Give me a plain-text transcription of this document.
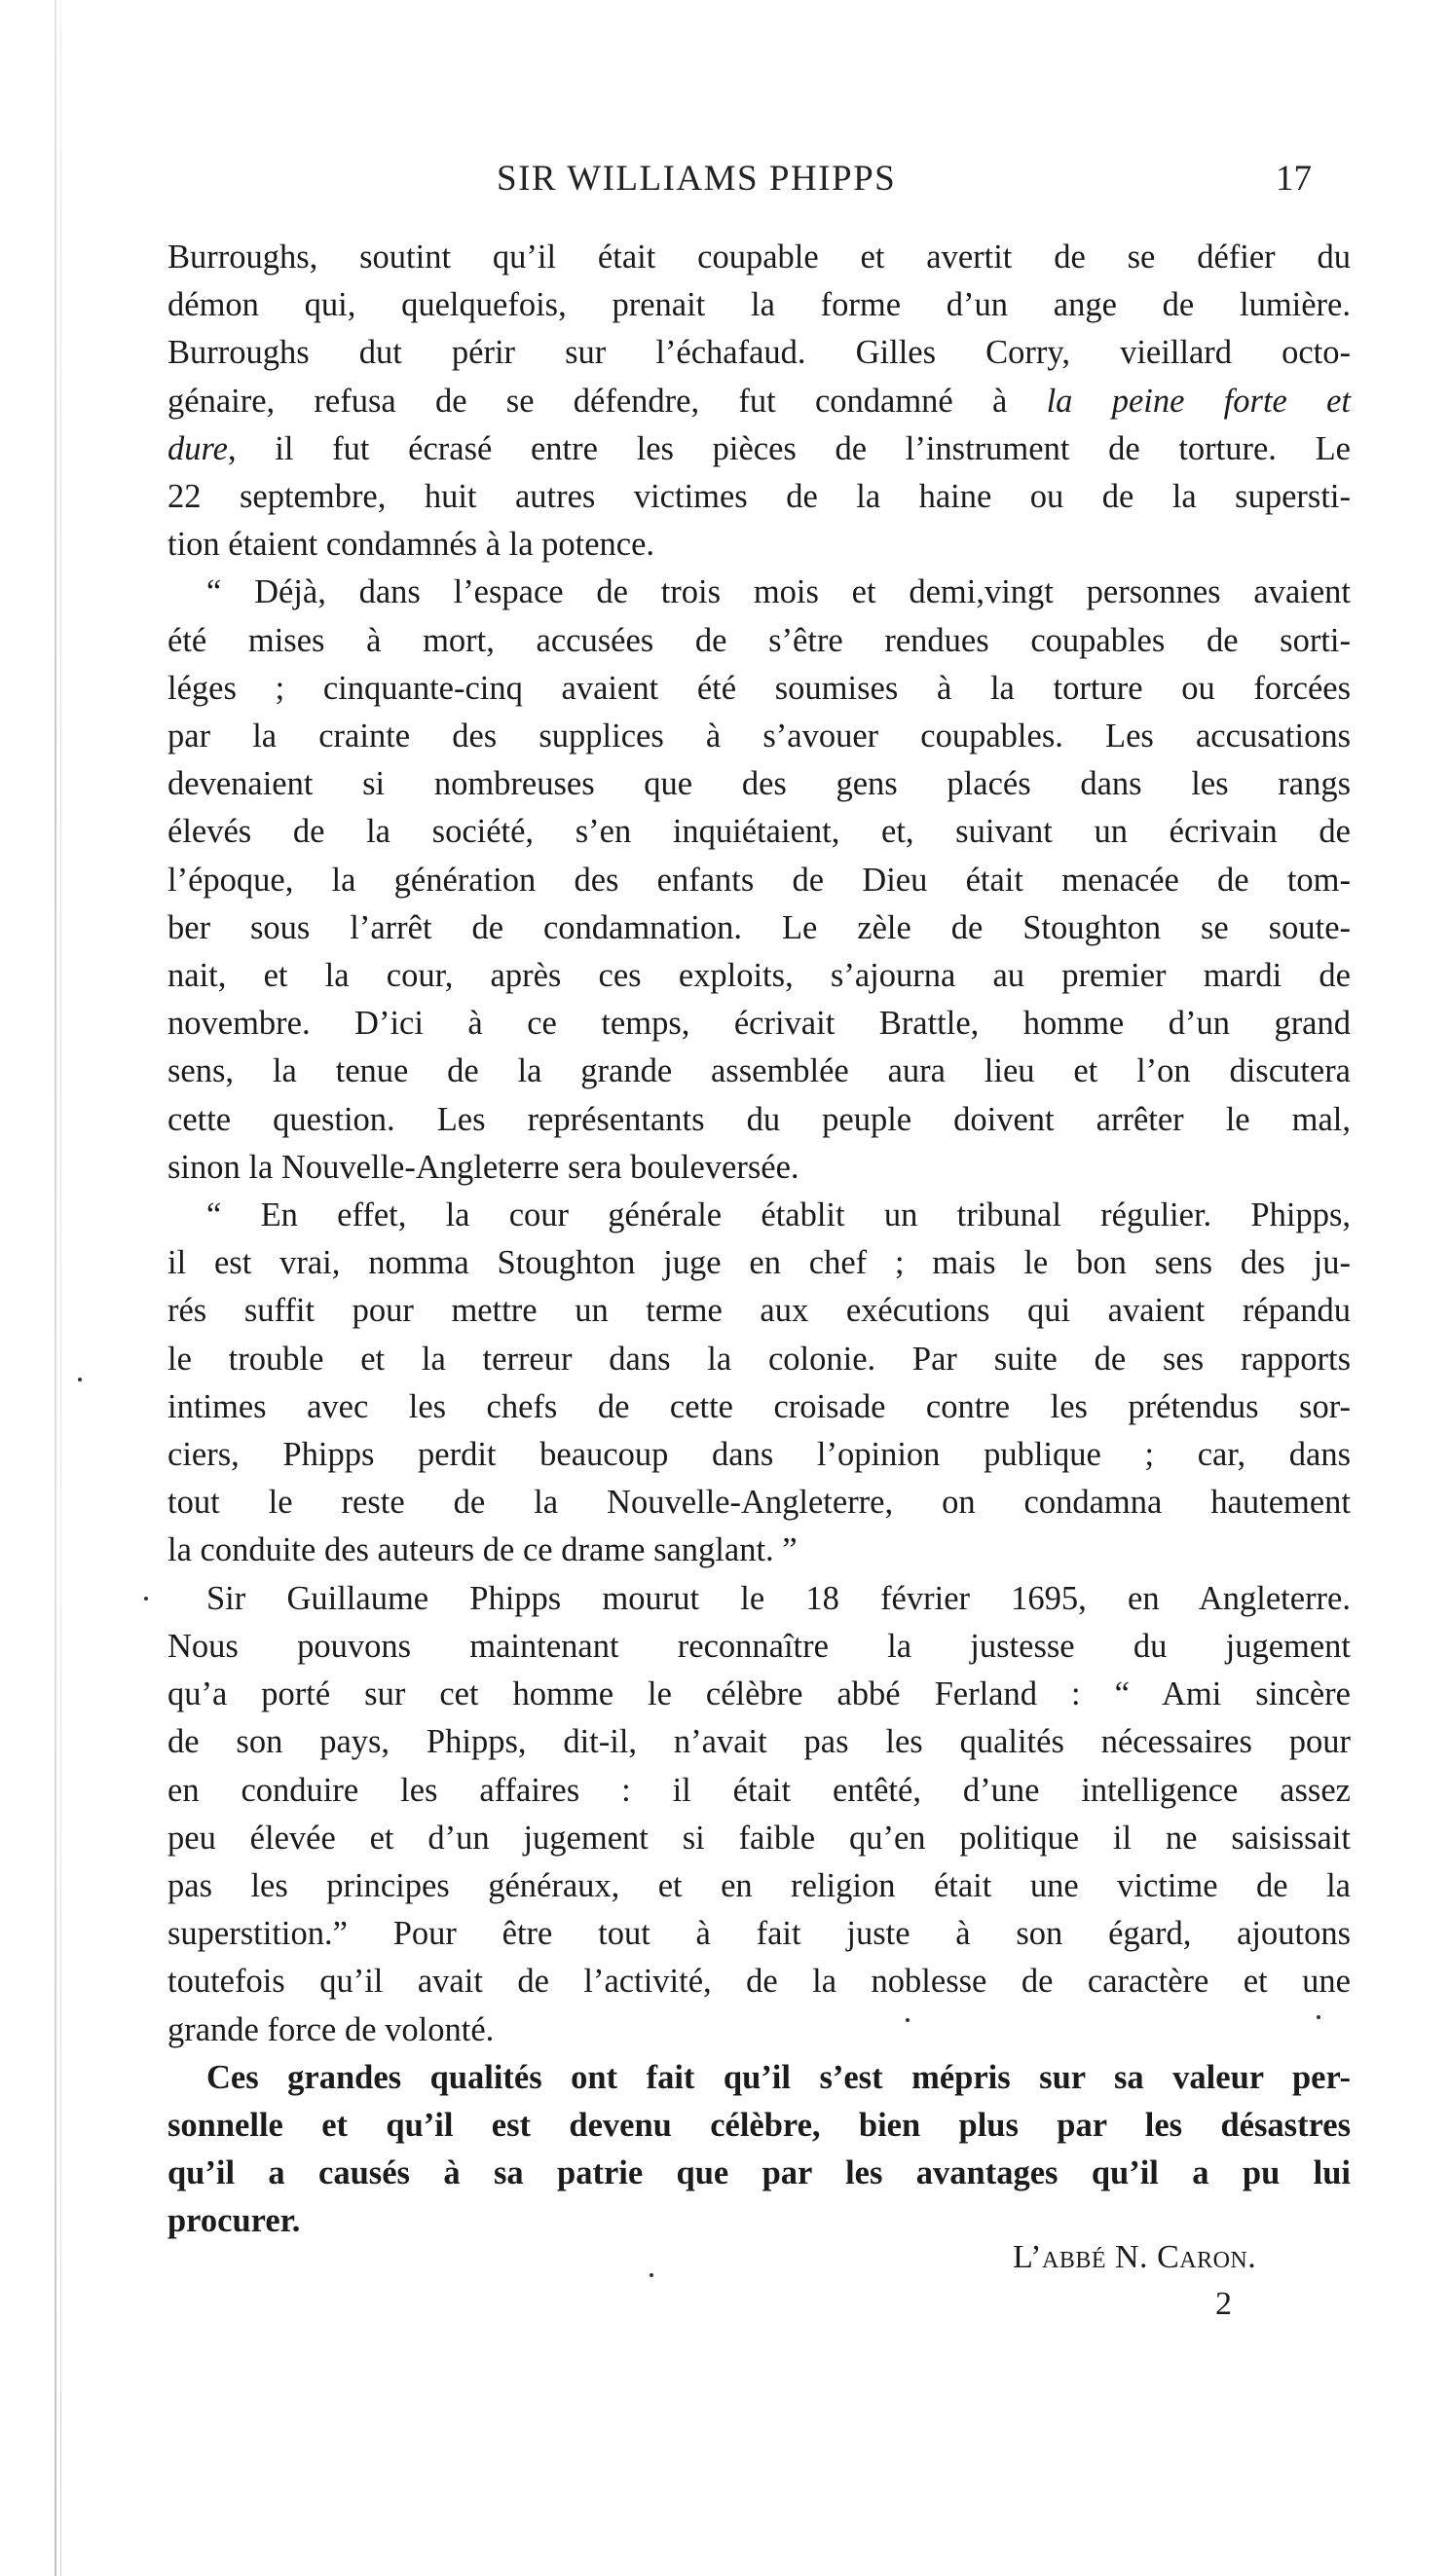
SIR WILLIAMS PHIPPS	17

Burroughs, soutint qu’il était coupable et avertit de se défier du
démon qui, quelquefois, prenait la forme d’un ange de lumière.
Burroughs dut périr sur l’échafaud. Gilles Corry, vieillard octo-
génaire, refusa de se défendre, fut condamné à la peine forte et
dure, il fut écrasé entre les pièces de l’instrument de torture. Le
22 septembre, huit autres victimes de la haine ou de la supersti-
tion étaient condamnés à la potence.

“ Déjà, dans l’espace de trois mois et demi,vingt personnes avaient
été mises à mort, accusées de s’être rendues coupables de sorti-
léges ; cinquante-cinq avaient été soumises à la torture ou forcées
par la crainte des supplices à s’avouer coupables. Les accusations
devenaient si nombreuses que des gens placés dans les rangs
élevés de la société, s’en inquiétaient, et, suivant un écrivain de
l’époque, la génération des enfants de Dieu était menacée de tom-
ber sous l’arrêt de condamnation. Le zèle de Stoughton se soute-
nait, et la cour, après ces exploits, s’ajourna au premier mardi de
novembre. D’ici à ce temps, écrivait Brattle, homme d’un grand
sens, la tenue de la grande assemblée aura lieu et l’on discutera
cette question. Les représentants du peuple doivent arrêter le mal,
sinon la Nouvelle-Angleterre sera bouleversée.

“ En effet, la cour générale établit un tribunal régulier. Phipps,
il est vrai, nomma Stoughton juge en chef ; mais le bon sens des ju-
rés suffit pour mettre un terme aux exécutions qui avaient répandu
le trouble et la terreur dans la colonie. Par suite de ses rapports
intimes avec les chefs de cette croisade contre les prétendus sor-
ciers, Phipps perdit beaucoup dans l’opinion publique ; car, dans
tout le reste de la Nouvelle-Angleterre, on condamna hautement
la conduite des auteurs de ce drame sanglant. ”

Sir Guillaume Phipps mourut le 18 février 1695, en Angleterre.
Nous pouvons maintenant reconnaître la justesse du jugement
qu’a porté sur cet homme le célèbre abbé Ferland : “ Ami sincère
de son pays, Phipps, dit-il, n’avait pas les qualités nécessaires pour
en conduire les affaires : il était entêté, d’une intelligence assez
peu élevée et d’un jugement si faible qu’en politique il ne saisissait
pas les principes généraux, et en religion était une victime de la
superstition.” Pour être tout à fait juste à son égard, ajoutons
toutefois qu’il avait de l’activité, de la noblesse de caractère et une
grande force de volonté.

Ces grandes qualités ont fait qu’il s’est mépris sur sa valeur per-
sonnelle et qu’il est devenu célèbre, bien plus par les désastres
qu’il a causés à sa patrie que par les avantages qu’il a pu lui
procurer.

L’abbé N. Caron.
2
